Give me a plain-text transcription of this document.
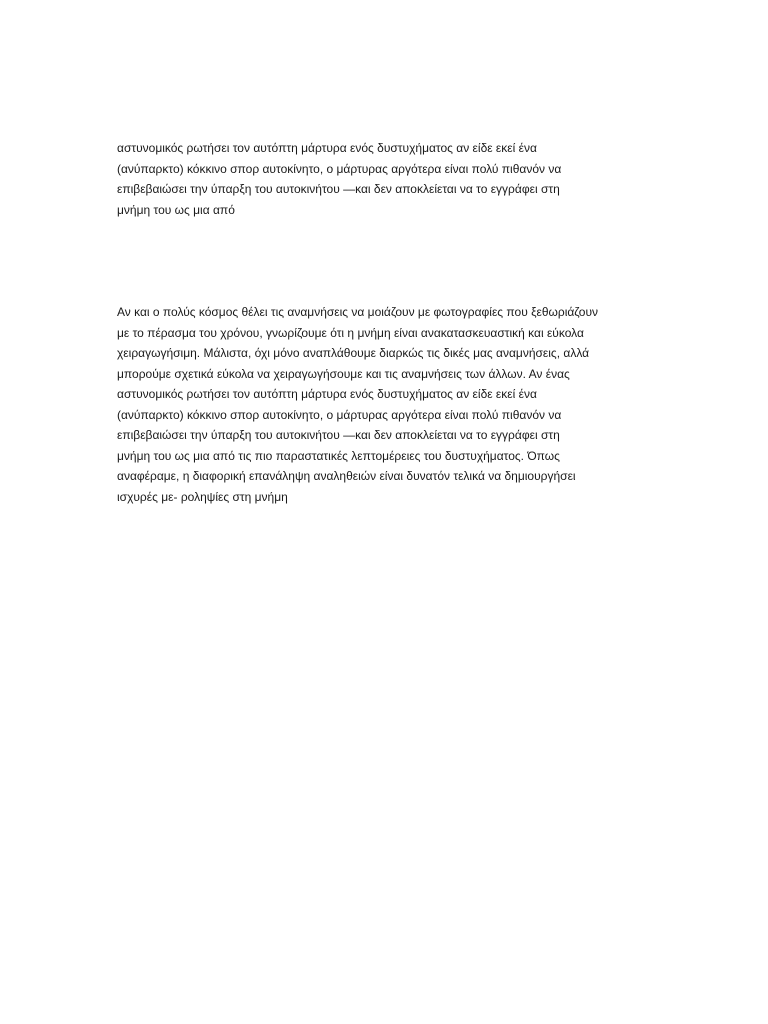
αστυνομικός ρωτήσει τον αυτόπτη μάρτυρα ενός δυστυχήματος αν είδε εκεί ένα
(ανύπαρκτο) κόκκινο σπορ αυτοκίνητο, ο μάρτυρας αργότερα είναι πολύ πιθανόν να
επιβεβαιώσει την ύπαρξη του αυτοκινήτου —και δεν αποκλείεται να το εγγράφει στη
μνήμη του ως μια από

Αν και ο πολύς κόσμος θέλει τις αναμνήσεις να μοιάζουν με φωτογραφίες που ξεθωριάζουν
με το πέρασμα του χρόνου, γνωρίζουμε ότι η μνήμη είναι ανακατασκευαστική και εύκολα
χειραγωγήσιμη. Μάλιστα, όχι μόνο αναπλάθουμε διαρκώς τις δικές μας αναμνήσεις, αλλά
μπορούμε σχετικά εύκολα να χειραγωγήσουμε και τις αναμνήσεις των άλλων. Αν ένας
αστυνομικός ρωτήσει τον αυτόπτη μάρτυρα ενός δυστυχήματος αν είδε εκεί ένα
(ανύπαρκτο) κόκκινο σπορ αυτοκίνητο, ο μάρτυρας αργότερα είναι πολύ πιθανόν να
επιβεβαιώσει την ύπαρξη του αυτοκινήτου —και δεν αποκλείεται να το εγγράφει στη
μνήμη του ως μια από τις πιο παραστατικές λεπτομέρειες του δυστυχήματος. Όπως
αναφέραμε, η διαφορική επανάληψη αναληθειών είναι δυνατόν τελικά να δημιουργήσει
ισχυρές με- ροληψίες στη μνήμη
